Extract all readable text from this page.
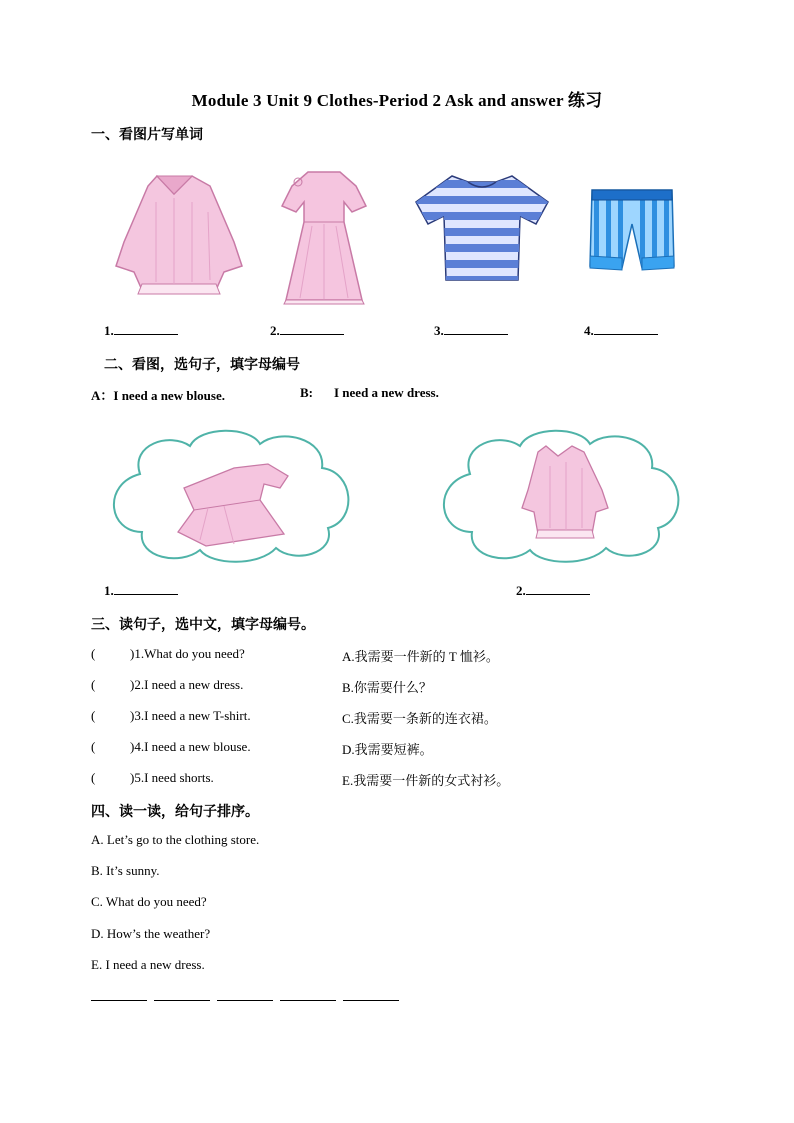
Module 3 Unit 9 Clothes-Period 2 Ask and answer 练习
一、看图片写单词
1.	2.	3.	4.
二、看图，选句子，填字母编号
A：I need a new blouse.	B: I need a new dress.
1.	2.
三、读句子，选中文，填字母编号。
(	)1.What do you need?	A.我需要一件新的 T 恤衫。
(	)2.I need a new dress.	B.你需要什么？
(	)3.I need a new T-shirt.	C.我需要一条新的连衣裙。
(	)4.I need a new blouse.	D.我需要短裤。
(	)5.I need shorts.	E.我需要一件新的女式衬衫。
四、读一读，给句子排序。
A. Let’s go to the clothing store.
B. It’s sunny.
C. What do you need?
D. How’s the weather?
E. I need a new dress.
